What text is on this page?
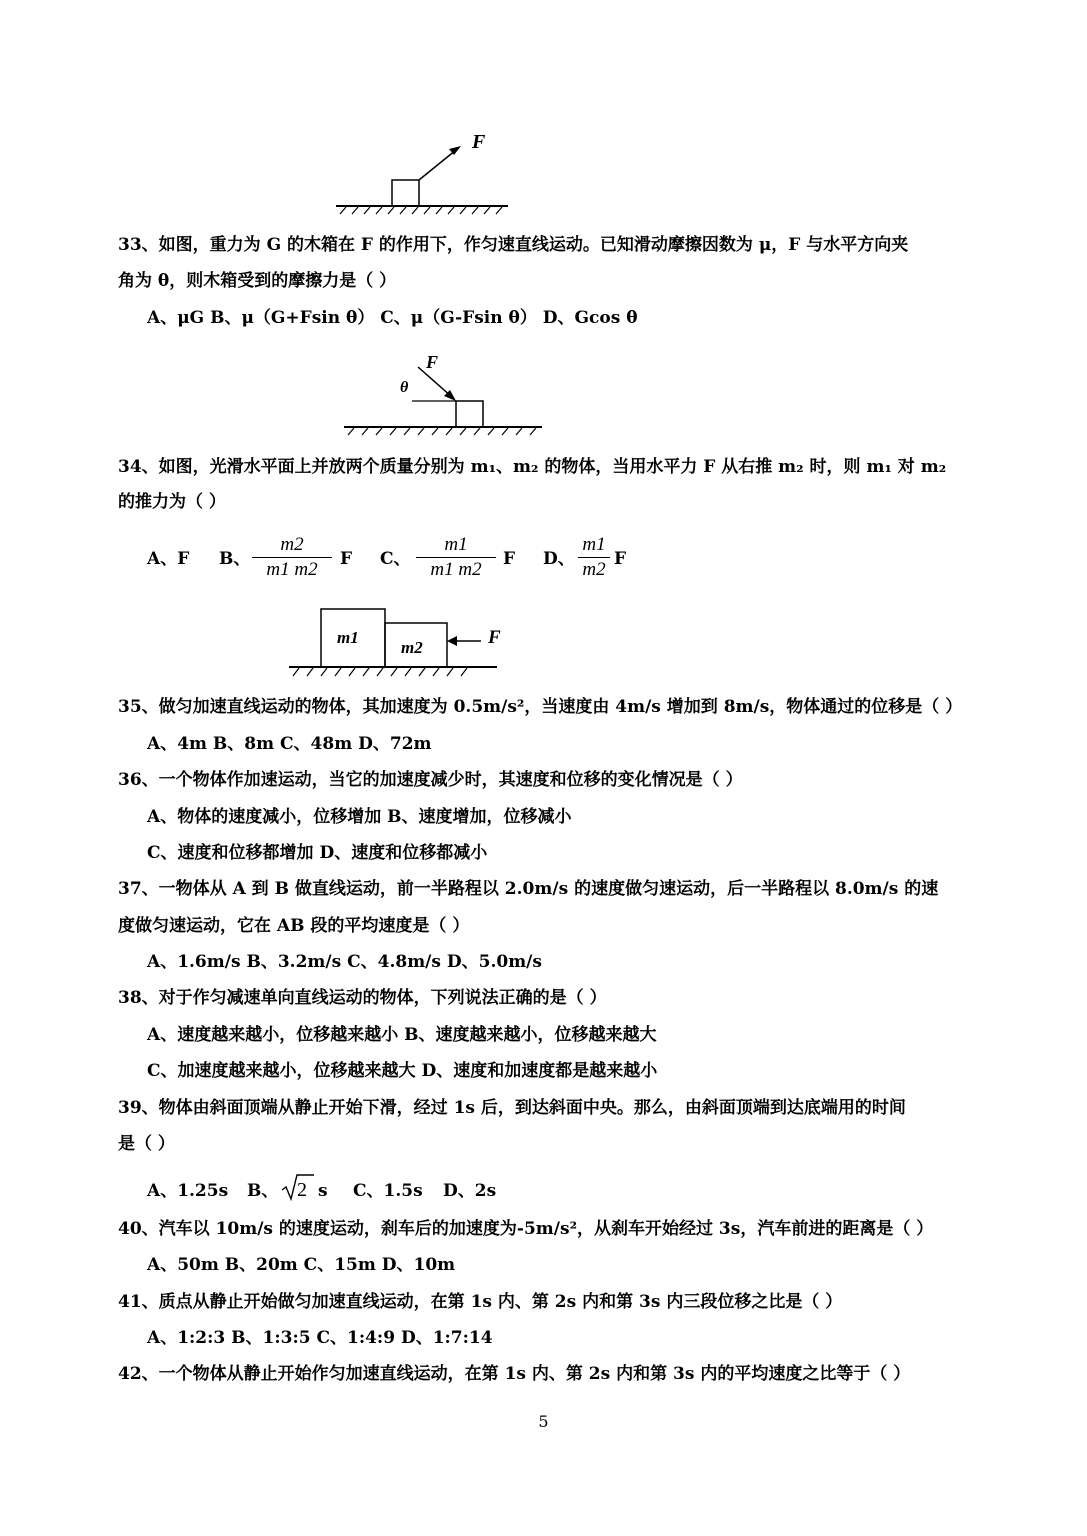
F
33、如图，重力为 G 的木箱在 F 的作用下，作匀速直线运动。已知滑动摩擦因数为 μ，F 与水平方向夹
角为 θ，则木箱受到的摩擦力是（ ）
A、μG B、μ（G+Fsin θ） C、μ（G-Fsin θ） D、Gcos θ
F
θ
34、如图，光滑水平面上并放两个质量分别为 m₁、m₂ 的物体，当用水平力 F 从右推 m₂ 时，则 m₁ 对 m₂
的推力为（ ）
A、F B、 $\frac{m2}{m1 m2}$ F C、 $\frac{m1}{m1 m2}$ F D、 $\frac{m1}{m2}$ F
m1
m2	F
35、做匀加速直线运动的物体，其加速度为 0.5m/s²，当速度由 4m/s 增加到 8m/s，物体通过的位移是（ ）
A、4m B、8m C、48m D、72m
36、一个物体作加速运动，当它的加速度减少时，其速度和位移的变化情况是（ ）
A、物体的速度减小，位移增加 B、速度增加，位移减小
C、速度和位移都增加 D、速度和位移都减小
37、一物体从 A 到 B 做直线运动，前一半路程以 2.0m/s 的速度做匀速运动，后一半路程以 8.0m/s 的速
度做匀速运动，它在 AB 段的平均速度是（ ）
A、1.6m/s B、3.2m/s C、4.8m/s D、5.0m/s
38、对于作匀减速单向直线运动的物体，下列说法正确的是（ ）
A、速度越来越小，位移越来越小 B、速度越来越小，位移越来越大
C、加速度越来越小，位移越来越大 D、速度和加速度都是越来越小
39、物体由斜面顶端从静止开始下滑，经过 1s 后，到达斜面中央。那么，由斜面顶端到达底端用的时间
是（ ）
A、1.25s B、 2 s C、1.5s D、2s
40、汽车以 10m/s 的速度运动，刹车后的加速度为-5m/s²，从刹车开始经过 3s，汽车前进的距离是（ ）
A、50m B、20m C、15m D、10m
41、质点从静止开始做匀加速直线运动，在第 1s 内、第 2s 内和第 3s 内三段位移之比是（ ）
A、1:2:3 B、1:3:5 C、1:4:9 D、1:7:14
42、一个物体从静止开始作匀加速直线运动，在第 1s 内、第 2s 内和第 3s 内的平均速度之比等于（ ）
5
